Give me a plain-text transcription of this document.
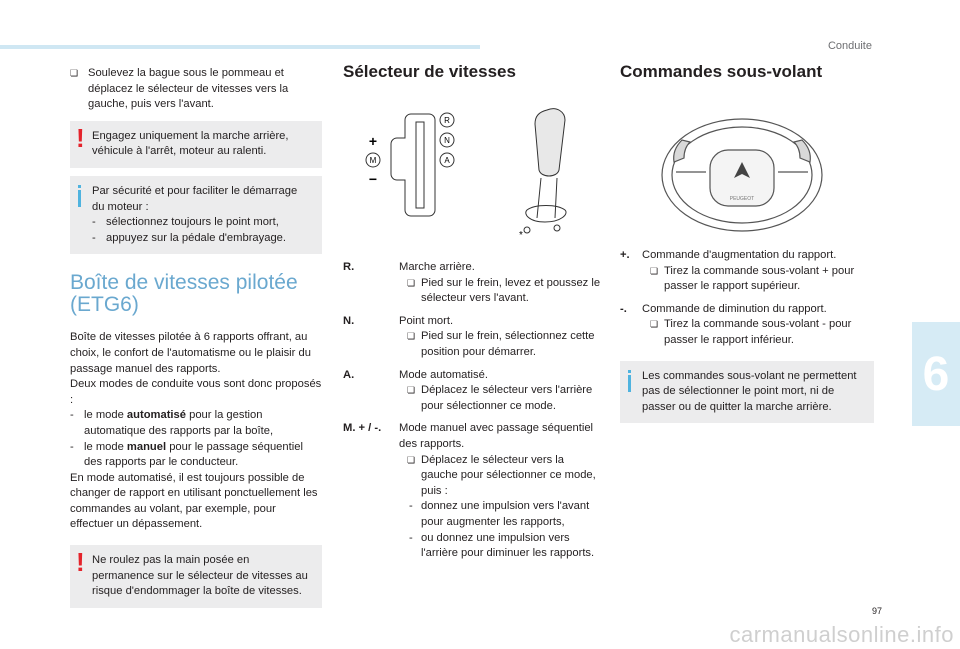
Conduite
6
❏ Soulevez la bague sous le pommeau et déplacez le sélecteur de vitesses vers la gauche, puis vers l'avant.
! Engagez uniquement la marche arrière, véhicule à l'arrêt, moteur au ralenti.

Par sécurité et pour faciliter le démarrage du moteur :

- sélectionnez toujours le point mort,
- appuyez sur la pédale d'embrayage.
Boîte de vitesses pilotée
(ETG6)

Boîte de vitesses pilotée à 6 rapports offrant, au choix, le confort de l'automatisme ou le plaisir du passage manuel des rapports.

Deux modes de conduite vous sont donc proposés :

- le mode automatisé pour la gestion automatique des rapports par la boîte,
- le mode manuel pour le passage séquentiel des rapports par le conducteur.

En mode automatisé, il est toujours possible de changer de rapport en utilisant ponctuellement les commandes au volant, par exemple, pour effectuer un dépassement.

! Ne roulez pas la main posée en permanence sur le sélecteur de vitesses au risque d'endommager la boîte de vitesses.

Sélecteur de vitesses
R
N
A
M
+
−
*
R.	Marche arrière.

❏ Pied sur le frein, levez et poussez le sélecteur vers l'avant.
N.	Point mort.

❏ Pied sur le frein, sélectionnez cette position pour démarrer.
A.	Mode automatisé.

❏ Déplacez le sélecteur vers l'arrière pour sélectionner ce mode.
M. + / -.	Mode manuel avec passage séquentiel des rapports.

❏ Déplacez le sélecteur vers la gauche pour sélectionner ce mode, puis :
- donnez une impulsion vers l'avant pour augmenter les rapports,
- ou donnez une impulsion vers l'arrière pour diminuer les rapports.
Commandes sous-volant
PEUGEOT
+.	Commande d'augmentation du rapport.

❏ Tirez la commande sous-volant + pour passer le rapport supérieur.
-.	Commande de diminution du rapport.

❏ Tirez la commande sous-volant - pour passer le rapport inférieur.

Les commandes sous-volant ne permettent pas de sélectionner le point mort, ni de passer ou de quitter la marche arrière.

97
carmanualsonline.info
